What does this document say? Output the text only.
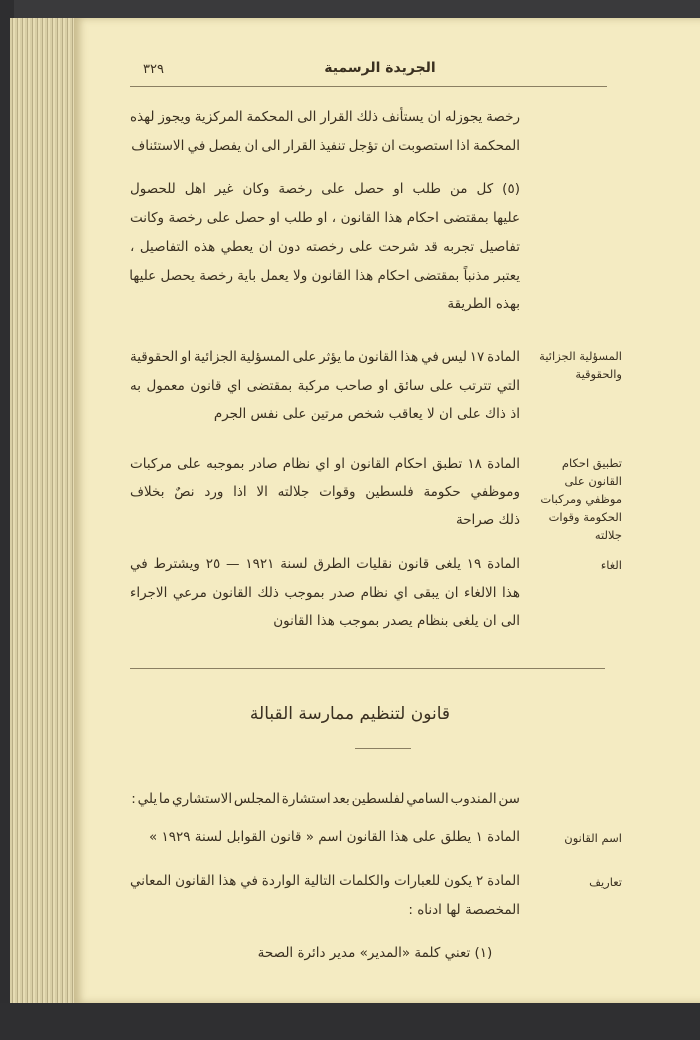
٣٢٩	الجريدة الرسمية
رخصة يجوزله ان يستأنف ذلك القرار الى المحكمة المركزية ويجوز لهذه
المحكمة اذا استصوبت ان تؤجل تنفيذ القرار الى ان يفصل في الاستئناف
(٥) كل من طلب او حصل على رخصة وكان غير اهل للحصول
عليها بمقتضى احكام هذا القانون ، او طلب او حصل على رخصة وكانت
تفاصيل تجربه قد شرحت على رخصته دون ان يعطي هذه التفاصيل ،
يعتبر مذنباً بمقتضى احكام هذا القانون ولا يعمل باية رخصة يحصل عليها
بهذه الطريقة
المادة ١٧ ليس في هذا القانون ما يؤثر على المسؤلية الجزائية او الحقوقية
التي تترتب على سائق او صاحب مركبة بمقتضى اي قانون معمول به
اذ ذاك على ان لا يعاقب شخص مرتين على نفس الجرم
المسؤلية الجزائية والحقوقية
المادة ١٨ تطبق احكام القانون او اي نظام صادر بموجبه على مركبات
وموظفي حكومة فلسطين وقوات جلالته الا اذا ورد نصٌ بخلاف
ذلك صراحة
تطبيق احكام القانون على موظفي ومركبات الحكومة وقوات جلالته
المادة ١٩ يلغى قانون نقليات الطرق لسنة ١٩٢١ — ٢٥ ويشترط في
هذا الالغاء ان يبقى اي نظام صدر بموجب ذلك القانون مرعي الاجراء
الى ان يلغى بنظام يصدر بموجب هذا القانون
الغاء
المادة ١ يطلق على هذا القانون اسم « قانون القوابل لسنة ١٩٢٩ »	اسم القانون
المادة ٢ يكون للعبارات والكلمات التالية الواردة في هذا القانون المعاني
المخصصة لها ادناه :
تعاريف
قانون لتنظيم ممارسة القبالة
سن المندوب السامي لفلسطين بعد استشارة المجلس الاستشاري ما يلي :
(١) تعني كلمة «المدير» مدير دائرة الصحة
